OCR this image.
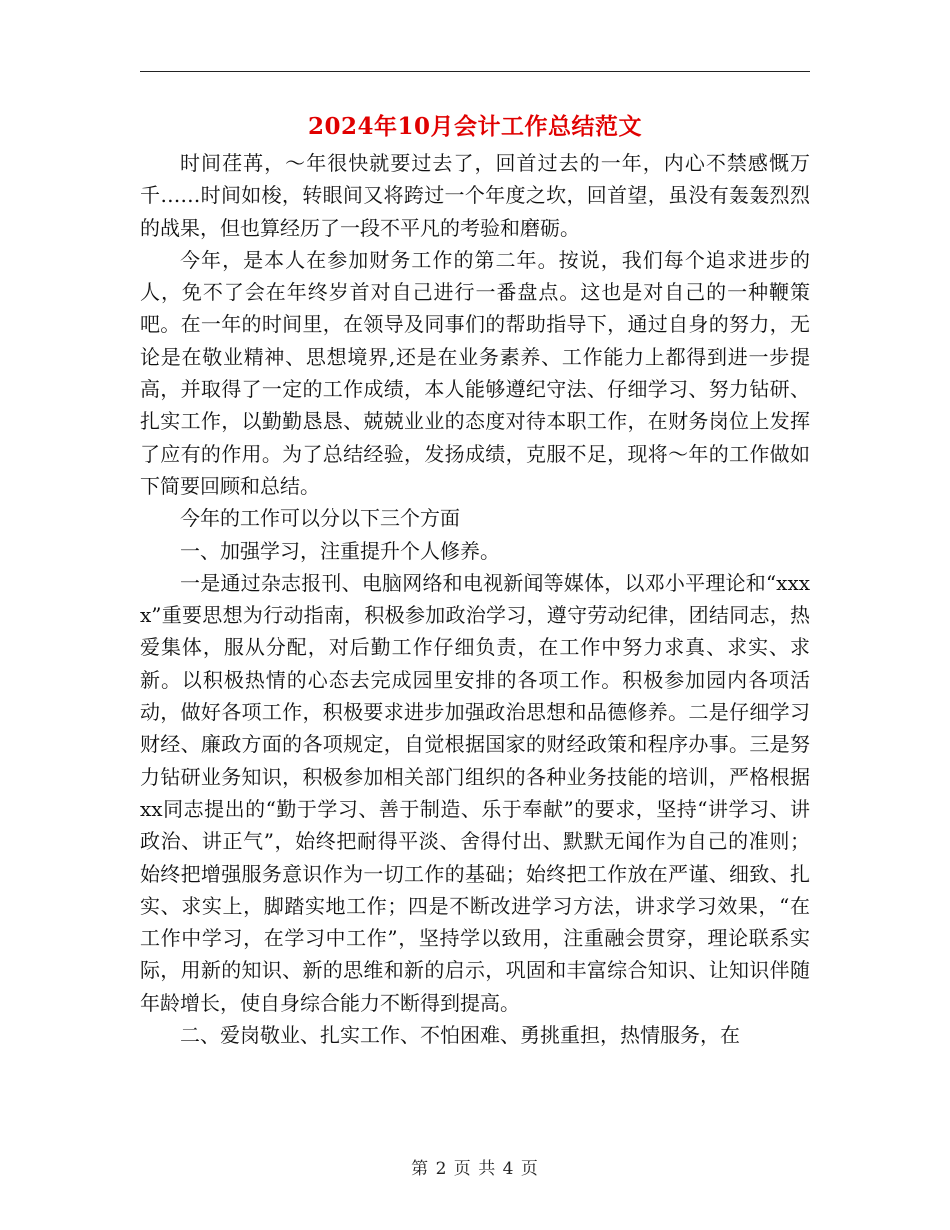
2024年10月会计工作总结范文

时间荏苒，～年很快就要过去了，回首过去的一年，内心不禁感慨万千……时间如梭，转眼间又将跨过一个年度之坎，回首望，虽没有轰轰烈烈的战果，但也算经历了一段不平凡的考验和磨砺。

今年，是本人在参加财务工作的第二年。按说，我们每个追求进步的人，免不了会在年终岁首对自己进行一番盘点。这也是对自己的一种鞭策吧。在一年的时间里，在领导及同事们的帮助指导下，通过自身的努力，无论是在敬业精神、思想境界,还是在业务素养、工作能力上都得到进一步提高，并取得了一定的工作成绩，本人能够遵纪守法、仔细学习、努力钻研、扎实工作，以勤勤恳恳、兢兢业业的态度对待本职工作，在财务岗位上发挥了应有的作用。为了总结经验，发扬成绩，克服不足，现将～年的工作做如下简要回顾和总结。

今年的工作可以分以下三个方面

一、加强学习，注重提升个人修养。

一是通过杂志报刊、电脑网络和电视新闻等媒体，以邓小平理论和“xxxx”重要思想为行动指南，积极参加政治学习，遵守劳动纪律，团结同志，热爱集体，服从分配，对后勤工作仔细负责，在工作中努力求真、求实、求新。以积极热情的心态去完成园里安排的各项工作。积极参加园内各项活动，做好各项工作，积极要求进步加强政治思想和品德修养。二是仔细学习财经、廉政方面的各项规定，自觉根据国家的财经政策和程序办事。三是努力钻研业务知识，积极参加相关部门组织的各种业务技能的培训，严格根据xx同志提出的“勤于学习、善于制造、乐于奉献”的要求，坚持“讲学习、讲政治、讲正气”，始终把耐得平淡、舍得付出、默默无闻作为自己的准则；始终把增强服务意识作为一切工作的基础；始终把工作放在严谨、细致、扎实、求实上，脚踏实地工作；四是不断改进学习方法，讲求学习效果，“在工作中学习，在学习中工作”，坚持学以致用，注重融会贯穿，理论联系实际，用新的知识、新的思维和新的启示，巩固和丰富综合知识、让知识伴随年龄增长，使自身综合能力不断得到提高。

二、爱岗敬业、扎实工作、不怕困难、勇挑重担，热情服务，在

第 2 页 共 4 页
